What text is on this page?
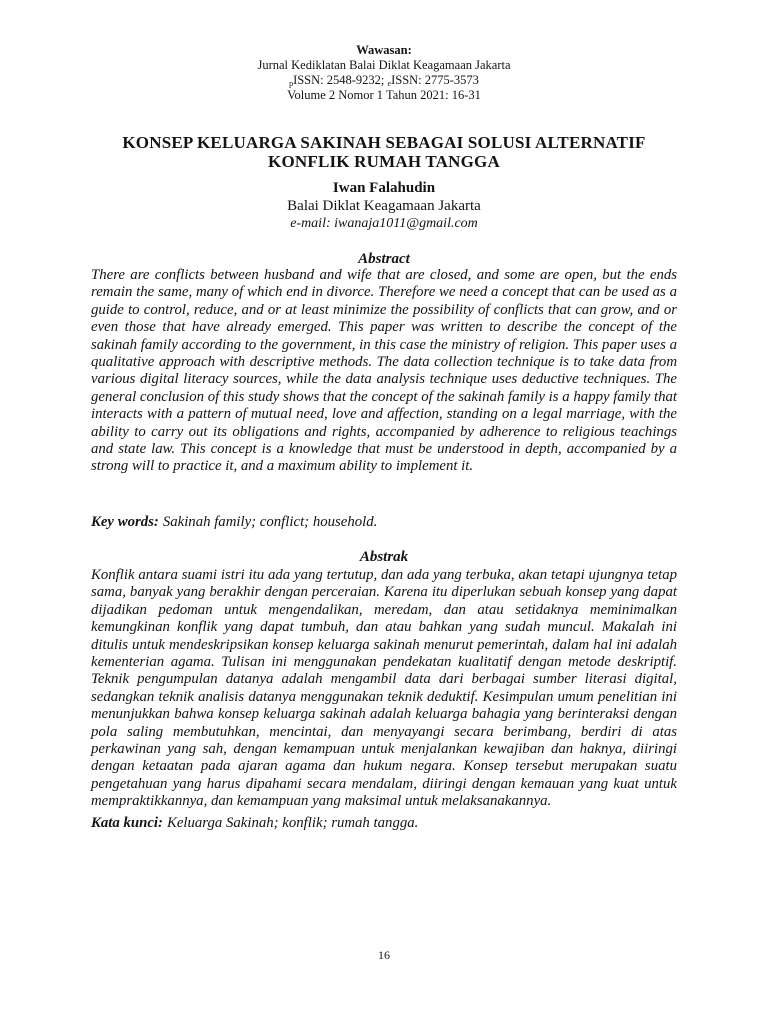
Wawasan:
Jurnal Kediklatan Balai Diklat Keagamaan Jakarta
$_p$ISSN: 2548-9232; $_e$ISSN: 2775-3573
Volume 2 Nomor 1 Tahun 2021: 16-31
KONSEP KELUARGA SAKINAH SEBAGAI SOLUSI ALTERNATIF
KONFLIK RUMAH TANGGA
Iwan Falahudin
Balai Diklat Keagamaan Jakarta
e-mail: iwanaja1011@gmail.com
Abstract
There are conflicts between husband and wife that are closed, and some are open, but the ends remain the same, many of which end in divorce. Therefore we need a concept that can be used as a guide to control, reduce, and or at least minimize the possibility of conflicts that can grow, and or even those that have already emerged. This paper was written to describe the concept of the sakinah family according to the government, in this case the ministry of religion. This paper uses a qualitative approach with descriptive methods. The data collection technique is to take data from various digital literacy sources, while the data analysis technique uses deductive techniques. The general conclusion of this study shows that the concept of the sakinah family is a happy family that interacts with a pattern of mutual need, love and affection, standing on a legal marriage, with the ability to carry out its obligations and rights, accompanied by adherence to religious teachings and state law. This concept is a knowledge that must be understood in depth, accompanied by a strong will to practice it, and a maximum ability to implement it.
Key words: Sakinah family; conflict; household.
Abstrak
Konflik antara suami istri itu ada yang tertutup, dan ada yang terbuka, akan tetapi ujungnya tetap sama, banyak yang berakhir dengan perceraian. Karena itu diperlukan sebuah konsep yang dapat dijadikan pedoman untuk mengendalikan, meredam, dan atau setidaknya meminimalkan kemungkinan konflik yang dapat tumbuh, dan atau bahkan yang sudah muncul. Makalah ini ditulis untuk mendeskripsikan konsep keluarga sakinah menurut pemerintah, dalam hal ini adalah kementerian agama. Tulisan ini menggunakan pendekatan kualitatif dengan metode deskriptif. Teknik pengumpulan datanya adalah mengambil data dari berbagai sumber literasi digital, sedangkan teknik analisis datanya menggunakan teknik deduktif. Kesimpulan umum penelitian ini menunjukkan bahwa konsep keluarga sakinah adalah keluarga bahagia yang berinteraksi dengan pola saling membutuhkan, mencintai, dan menyayangi secara berimbang, berdiri di atas perkawinan yang sah, dengan kemampuan untuk menjalankan kewajiban dan haknya, diiringi dengan ketaatan pada ajaran agama dan hukum negara. Konsep tersebut merupakan suatu pengetahuan yang harus dipahami secara mendalam, diiringi dengan kemauan yang kuat untuk mempraktikkannya, dan kemampuan yang maksimal untuk melaksanakannya.
Kata kunci: Keluarga Sakinah; konflik; rumah tangga.
16
